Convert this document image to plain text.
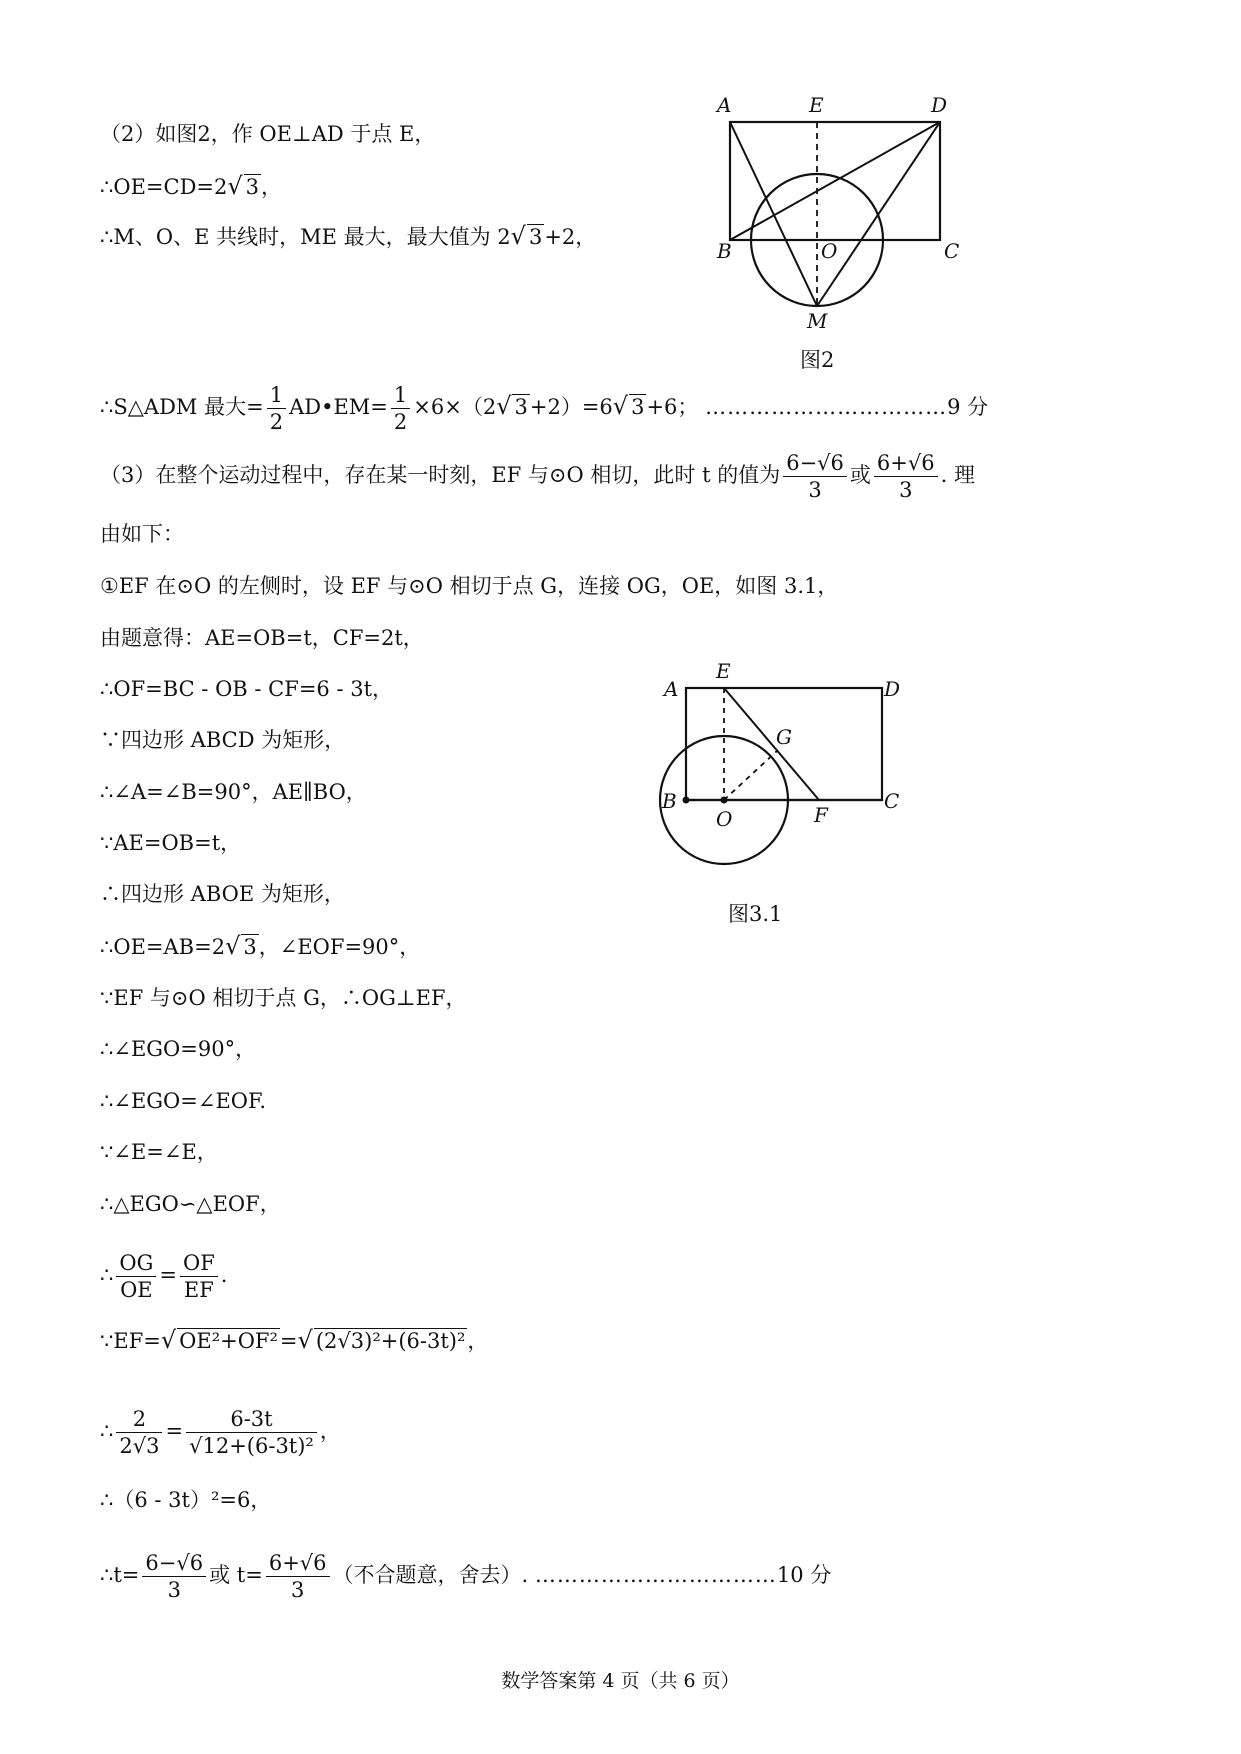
（2）如图2，作 OE⊥AD 于点 E，
∴OE=CD=2√ 3，
∴M、O、E 共线时，ME 最大，最大值为 2√ 3+2，
A	E	D
B	O	C
M
图2
∴S△ADM 最大= $\frac{1}{2}$ AD•EM= $\frac{1}{2} \times 6\times(2√$ 3+2）=6√ 3+6； ……………………………9 分
（3）在整个运动过程中，存在某一时刻，EF 与⊙O 相切，此时 t 的值为 $\frac{6-√6}{3}$ 或 $\frac{6+√6}{3}$ . 理
由如下：
①EF 在⊙O 的左侧时，设 EF 与⊙O 相切于点 G，连接 OG，OE，如图 3.1，
由题意得：AE=OB=t，CF=2t，
∴OF=BC - OB - CF=6 - 3t，
∵四边形 ABCD 为矩形，
∴∠A=∠B=90°，AE∥BO，
∵AE=OB=t，
∴四边形 ABOE 为矩形，
A
E
D
G
B
O	F
C
图3.1
∴OE=AB=2√ 3，∠EOF=90°，
∵EF 与⊙O 相切于点 G，∴OG⊥EF，
∴∠EGO=90°，
∴∠EGO=∠EOF.
∵∠E=∠E，
∴△EGO∽△EOF，
∴ $\frac{OG}{OE} = \frac{OF}{EF}$ .
∵EF=√ OE²+OF²=√ (2√3)²+(6-3t)²，
∴ $\frac{2}{2√3} = \frac{6-3t}{\text{√12+(6-3t)²}}$ ，
∴（6 - 3t）²=6，
∴t= $\frac{6-√6}{3}$ 或 $t= \frac{6+√6}{3}$ （不合题意，舍去）. ……………………………10 分
数学答案第 4 页（共 6 页）
